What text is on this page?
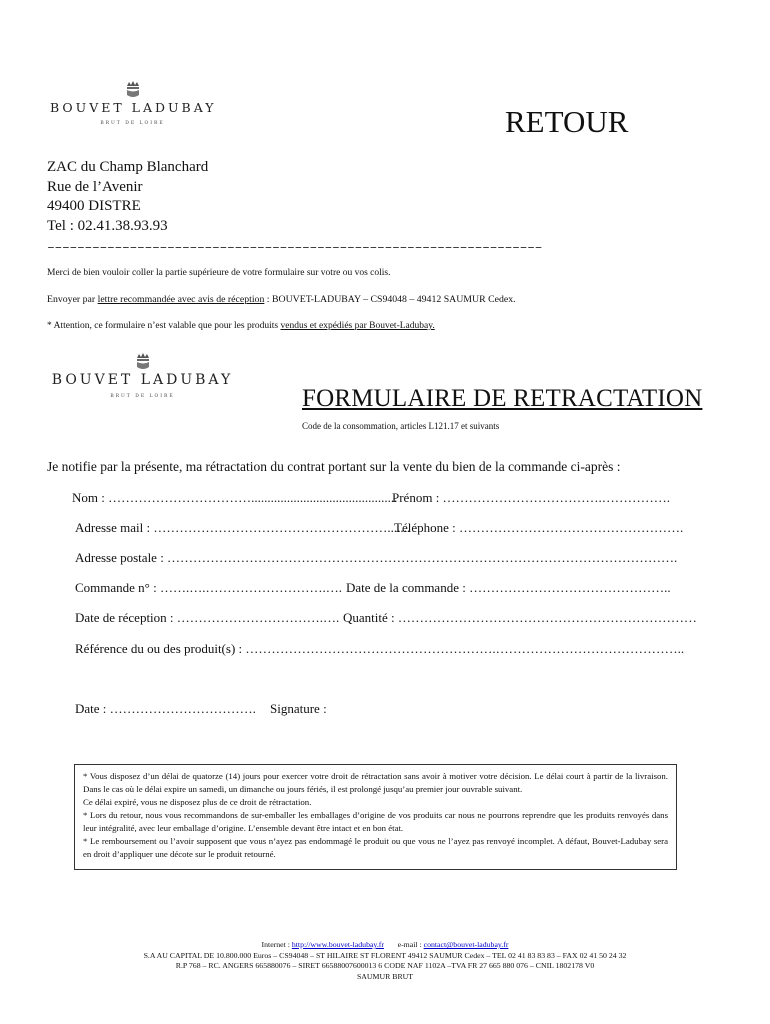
BOUVET LADUBAY
BRUT DE LOIRE	RETOUR
ZAC du Champ Blanchard
Rue de l’Avenir
49400 DISTRE
Tel : 02.41.38.93.93
––––––––––––––––––––––––––––––––––––––––––––––––––––––––––––––––––
Merci de bien vouloir coller la partie supérieure de votre formulaire sur votre ou vos colis.
Envoyer par lettre recommandée avec avis de réception : BOUVET-LADUBAY – CS94048 – 49412 SAUMUR Cedex.
* Attention, ce formulaire n’est valable que pour les produits vendus et expédiés par Bouvet-Ladubay.
BOUVET LADUBAY
BRUT DE LOIRE	FORMULAIRE DE RETRACTATION
Code de la consommation, articles L121.17 et suivants
Je notifie par la présente, ma rétractation du contrat portant sur la vente du bien de la commande ci-après :
Nom : …………………………….............................................
Prénom : ……………………………….…………….
Adresse mail : ……………………………………………….......
Téléphone : …………………………………………….
Adresse postale : ……………………………………………………………………………………………………….
Commande n° : …….….……………………….…. Date de la commande : ………………………………………..
Date de réception : …………………………….…. Quantité : ……………………………………………………………
Référence du ou des produit(s) : ………………………………………………….……………………………………..
Date : ……………………………. Signature :
* Vous disposez d’un délai de quatorze (14) jours pour exercer votre droit de rétractation sans avoir à motiver votre décision. Le délai court à partir de la livraison. Dans le cas où le délai expire un samedi, un dimanche ou jours fériés, il est prolongé jusqu’au premier jour ouvrable suivant.
Ce délai expiré, vous ne disposez plus de ce droit de rétractation.
* Lors du retour, nous vous recommandons de sur-emballer les emballages d’origine de vos produits car nous ne pourrons reprendre que les produits renvoyés dans leur intégralité, avec leur emballage d’origine. L’ensemble devant être intact et en bon état.
* Le remboursement ou l’avoir supposent que vous n’ayez pas endommagé le produit ou que vous ne l’ayez pas renvoyé incomplet. A défaut, Bouvet-Ladubay sera en droit d’appliquer une décote sur le produit retourné.
Internet : http://www.bouvet-ladubay.fr e-mail : contact@bouvet-ladubay.fr
S.A AU CAPITAL DE 10.800.000 Euros – CS94048 – ST HILAIRE ST FLORENT 49412 SAUMUR Cedex – TEL 02 41 83 83 83 – FAX 02 41 50 24 32
R.P 768 – RC. ANGERS 665880076 – SIRET 66588007600013 6 CODE NAF 1102A –TVA FR 27 665 880 076 – CNIL 1802178 V0
SAUMUR BRUT
